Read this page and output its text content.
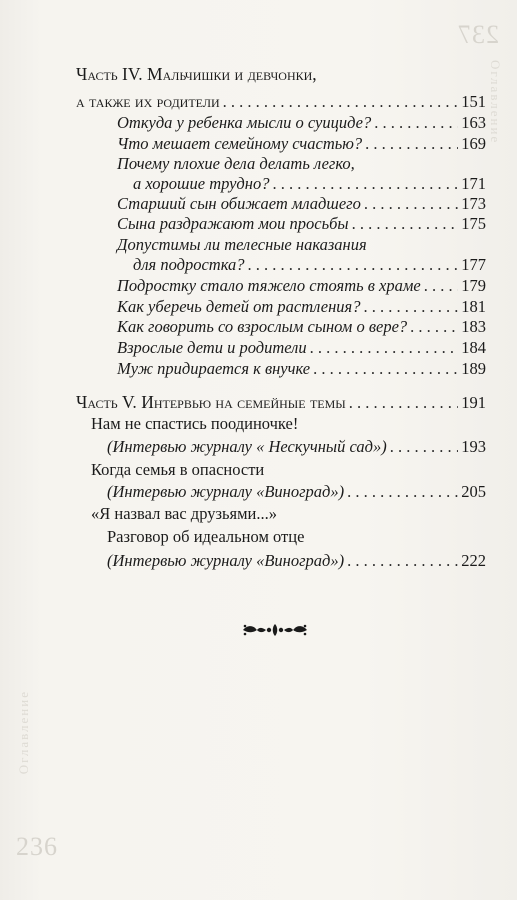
237
Оглавление
Оглавление
236
Часть IV. Мальчишки и девчонки,
а также их родители . . .	151
Откуда у ребенка мысли о суициде? . . .	163
Что мешает семейному счастью? . . .	169
Почему плохие дела делать легко,
а хорошие трудно? . . .	171
Старший сын обижает младшего . . .	173
Сына раздражают мои просьбы . . .	175
Допустимы ли телесные наказания
для подростка? . . .	177
Подростку стало тяжело стоять в храме . . . 179
Как уберечь детей от растления? . . .	181
Как говорить со взрослым сыном о вере? . . .	183
Взрослые дети и родители . . .	184
Муж придирается к внучке . . .	189
Часть V. Интервью на семейные темы . . .	191
Нам не спастись поодиночке!
(Интервью журналу « Нескучный сад») . . .	193
Когда семья в опасности
(Интервью журналу «Виноград») . . .	205
«Я назвал вас друзьями...»
Разговор об идеальном отце
(Интервью журналу «Виноград») . . .	222
